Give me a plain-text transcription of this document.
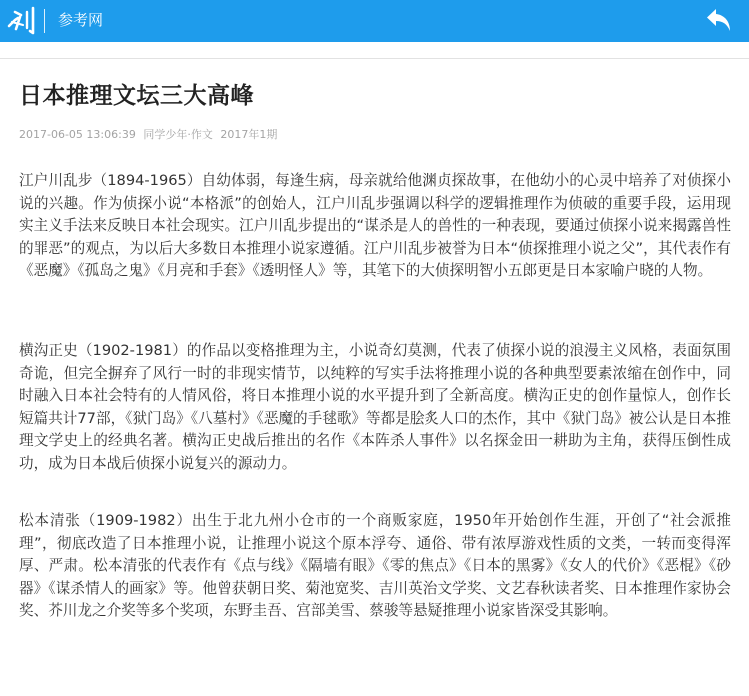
参考网
日本推理文坛三大高峰
2017-06-05 13:06:39 同学少年·作文 2017年1期

江户川乱步（1894-1965）自幼体弱，每逢生病，母亲就给他渊贞探故事，在他幼小的心灵中培养了对侦探小说的兴趣。作为侦探小说“本格派”的创始人，江户川乱步强调以科学的逻辑推理作为侦破的重要手段，运用现实主义手法来反映日本社会现实。江户川乱步提出的“谋杀是人的兽性的一种表现，要通过侦探小说来揭露兽性的罪恶”的观点，为以后大多数日本推理小说家遵循。江户川乱步被誉为日本“侦探推理小说之父”，其代表作有《恶魔》《孤岛之鬼》《月亮和手套》《透明怪人》等，其笔下的大侦探明智小五郎更是日本家喻户晓的人物。

横沟正史（1902-1981）的作品以变格推理为主，小说奇幻莫测，代表了侦探小说的浪漫主义风格，表面氛围奇诡，但完全摒弃了风行一时的非现实情节，以纯粹的写实手法将推理小说的各种典型要素浓缩在创作中，同时融入日本社会特有的人情风俗，将日本推理小说的水平提升到了全新高度。横沟正史的创作量惊人，创作长短篇共计77部，《狱门岛》《八墓村》《恶魔的手毬歌》等都是脍炙人口的杰作，其中《狱门岛》被公认是日本推理文学史上的经典名著。横沟正史战后推出的名作《本阵杀人事件》以名探金田一耕助为主角，获得压倒性成功，成为日本战后侦探小说复兴的源动力。

松本清张（1909-1982）出生于北九州小仓市的一个商贩家庭，1950年开始创作生涯，开创了“社会派推理”，彻底改造了日本推理小说，让推理小说这个原本浮夸、通俗、带有浓厚游戏性质的文类，一转而变得浑厚、严肃。松本清张的代表作有《点与线》《隔墙有眼》《零的焦点》《日本的黑雾》《女人的代价》《恶棍》《砂器》《谋杀情人的画家》等。他曾获朝日奖、菊池宽奖、吉川英治文学奖、文艺春秋读者奖、日本推理作家协会奖、芥川龙之介奖等多个奖项，东野圭吾、宫部美雪、蔡骏等悬疑推理小说家皆深受其影响。
